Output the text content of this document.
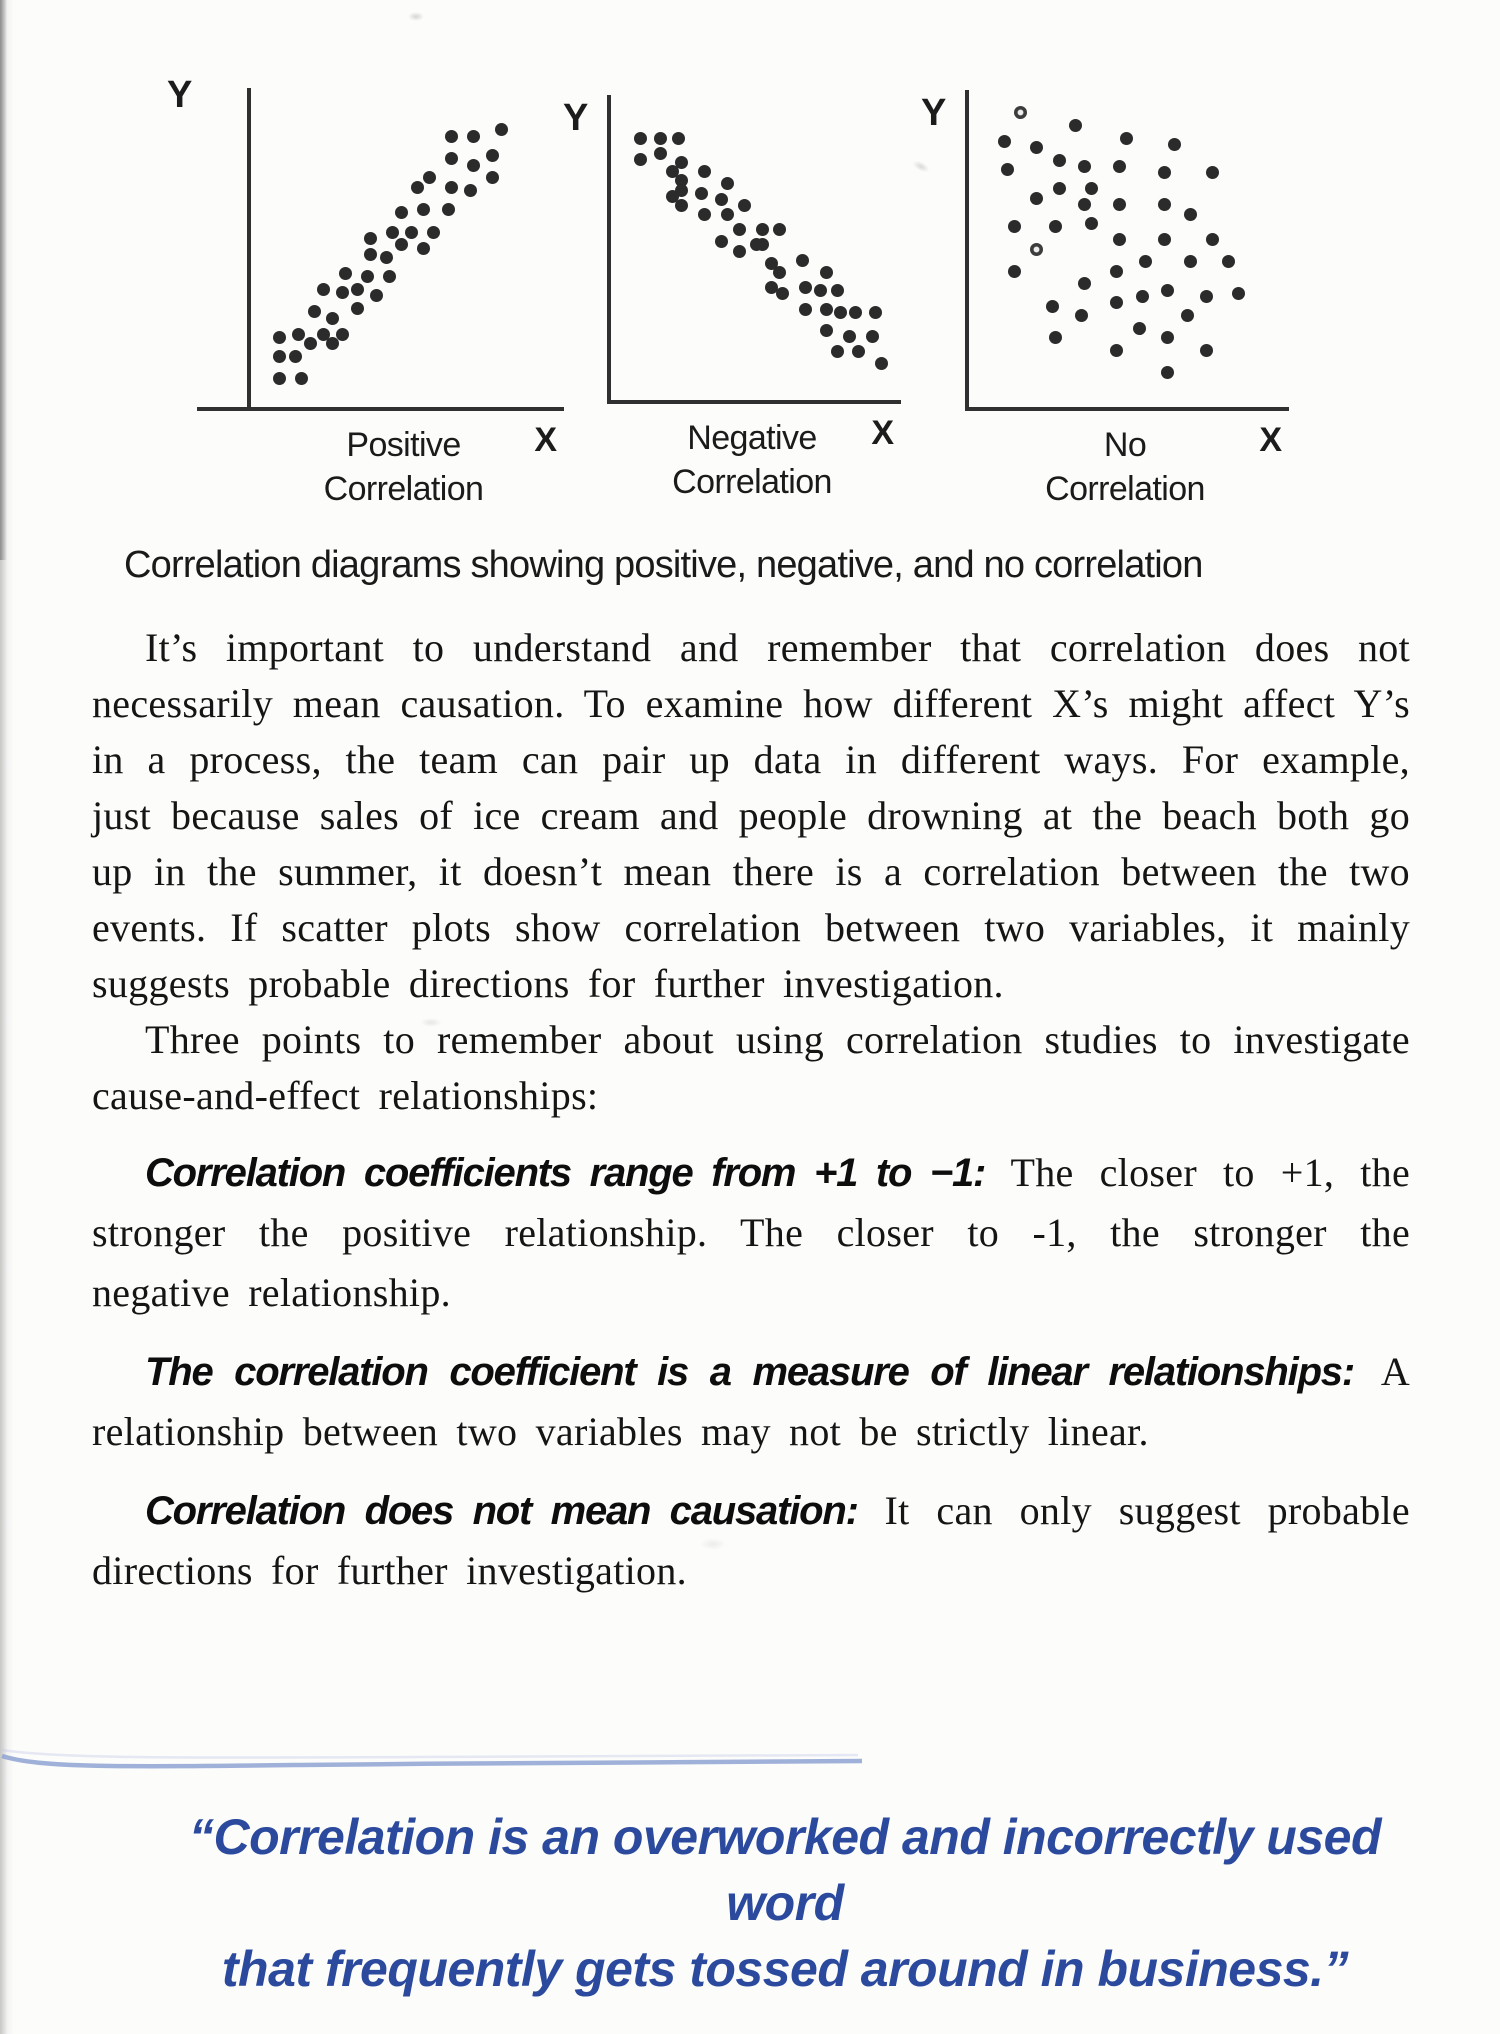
Y
X
Positive
Correlation
Y
X
Negative
Correlation
Y
X
No
Correlation
Correlation diagrams showing positive, negative, and no correlation

It’s important to understand and remember that correlation does not necessarily mean causation. To examine how different X’s might affect Y’s in a process, the team can pair up data in different ways. For example, just because sales of ice cream and people drowning at the beach both go up in the summer, it doesn’t mean there is a correlation between the two events. If scatter plots show correlation between two variables, it mainly suggests probable directions for further investigation.

Three points to remember about using correlation studies to investigate cause-and-effect relationships:

Correlation coefficients range from +1 to −1: The closer to +1, the stronger the positive relationship. The closer to -1, the stronger the negative relationship.

The correlation coefficient is a measure of linear relationships: A relationship between two variables may not be strictly linear.

Correlation does not mean causation: It can only suggest probable directions for further investigation.

“Correlation is an overworked and incorrectly used word
that frequently gets tossed around in business.”
